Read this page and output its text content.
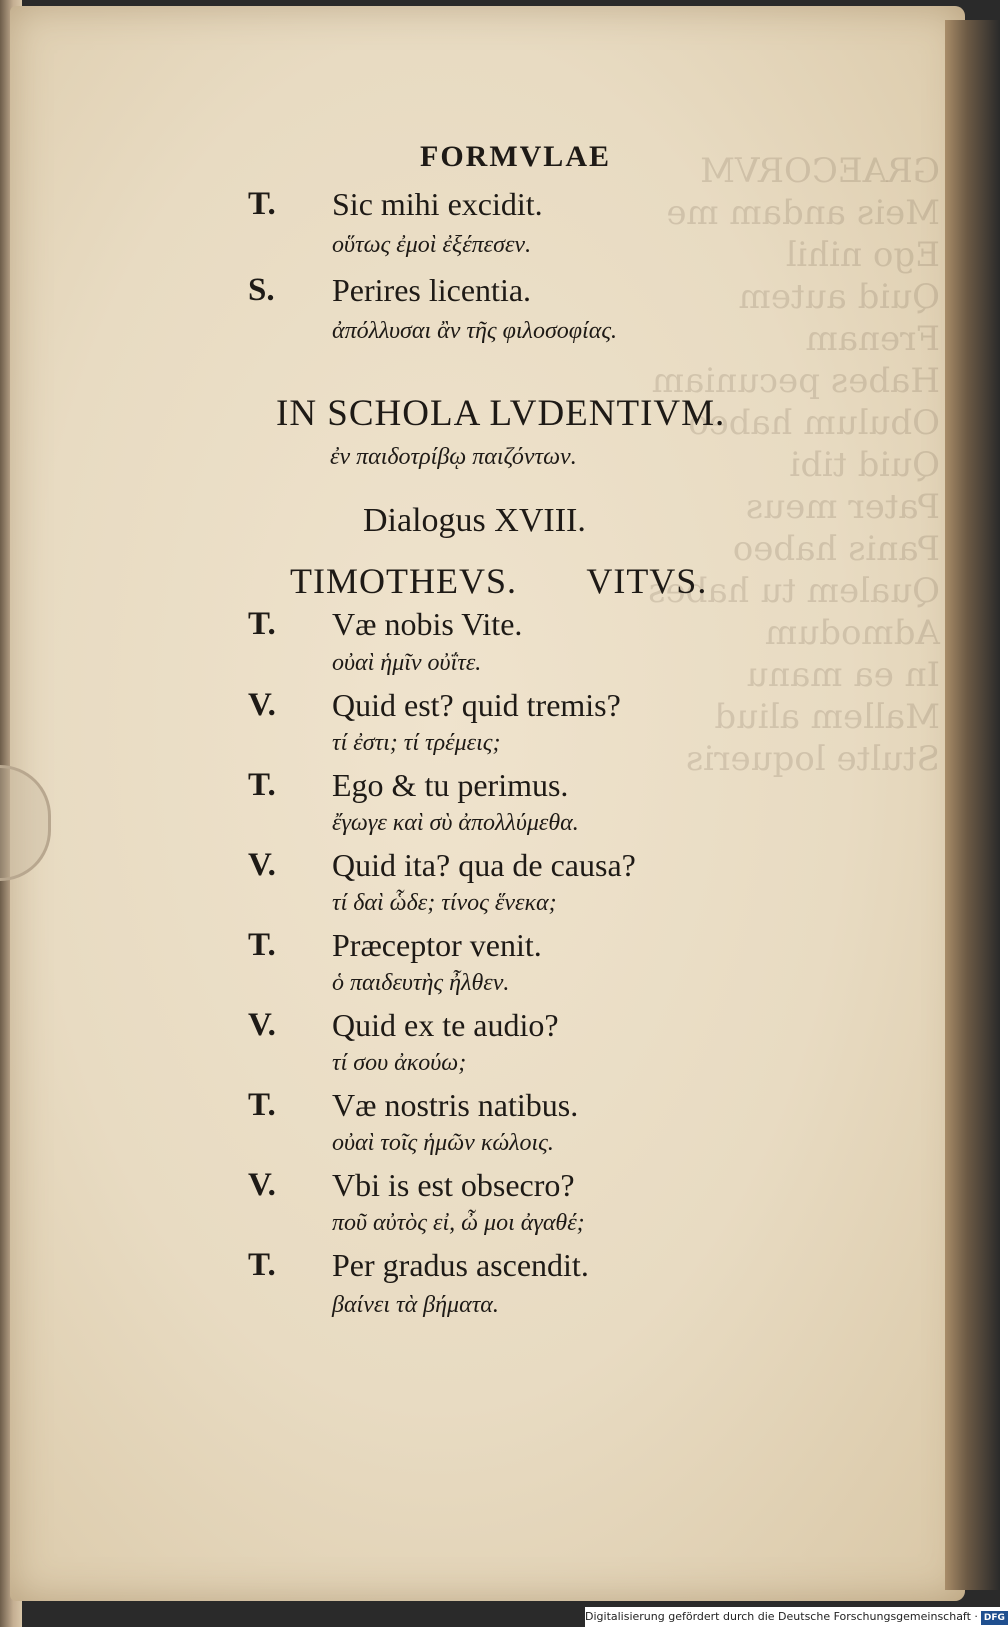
GRAECORVM
Meis andam me
Ego nihil
Quid autem
Frenam
Habes pecuniam
Obulum habeo
Quid tibi
Pater meus
Panis habeo
Qualem tu habes
Admodum
In ea manu
Mallem aliud
Stulte loqueris
FORMVLAE
T. Sic mihi excidit.
οὕτως ἐμοὶ ἐξέπεσεν.
S. Perires licentia.
ἀπόλλυσαι ἂν τῆς φιλοσοφίας.
IN SCHOLA LVDENTIVM.
ἐν παιδοτρίβῳ παιζόντων.
Dialogus XVIII.
TIMOTHEVS. VITVS.
T. Væ nobis Vite.
οὐαὶ ἡμῖν οὐΐτε.
V. Quid est? quid tremis?
τί ἐστι; τί τρέμεις;
T. Ego & tu perimus.
ἔγωγε καὶ σὺ ἀπολλύμεθα.
V. Quid ita? qua de causa?
τί δαὶ ὧδε; τίνος ἕνεκα;
T. Præceptor venit.
ὁ παιδευτὴς ἦλθεν.
V. Quid ex te audio?
τί σου ἀκούω;
T. Væ nostris natibus.
οὐαὶ τοῖς ἡμῶν κώλοις.
V. Vbi is est obsecro?
ποῦ αὐτὸς εἰ, ὦ μοι ἀγαθέ;
T. Per gradus ascendit.
βαίνει τὰ βήματα.
Digitalisierung gefördert durch die Deutsche Forschungsgemeinschaft · DFG
